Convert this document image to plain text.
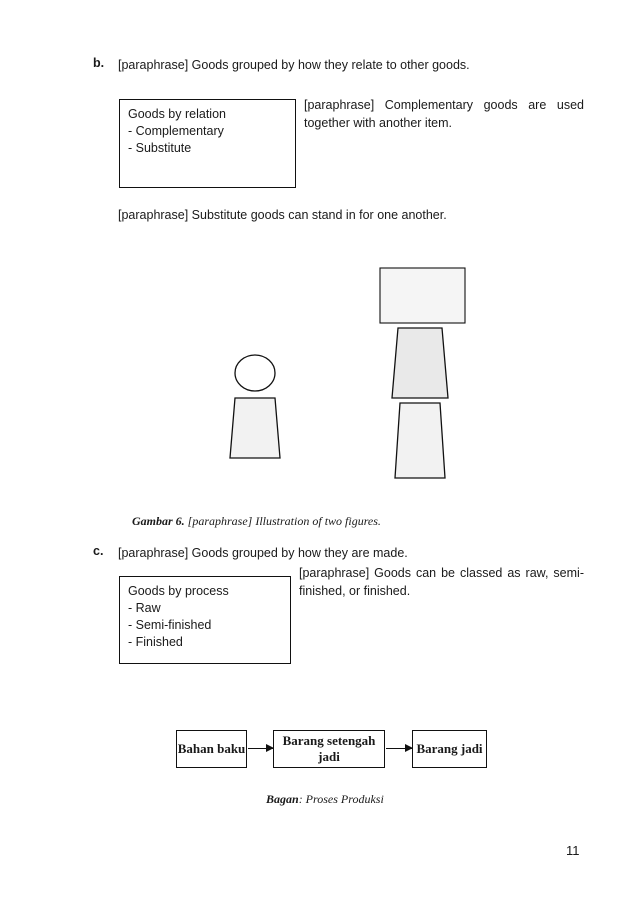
b. [paraphrase] Goods grouped by how they relate to other goods.
Goods by relation
- Complementary
- Substitute
[paraphrase] Complementary goods are used together with another item.
[paraphrase] Substitute goods can stand in for one another.
Gambar 6. [paraphrase] Illustration of two figures.
c. [paraphrase] Goods grouped by how they are made.
Goods by process
- Raw
- Semi-finished
- Finished
[paraphrase] Goods can be classed as raw, semi-finished, or finished.
Bahan baku
Barang setengah jadi
Barang jadi
Bagan: Proses Produksi
11
